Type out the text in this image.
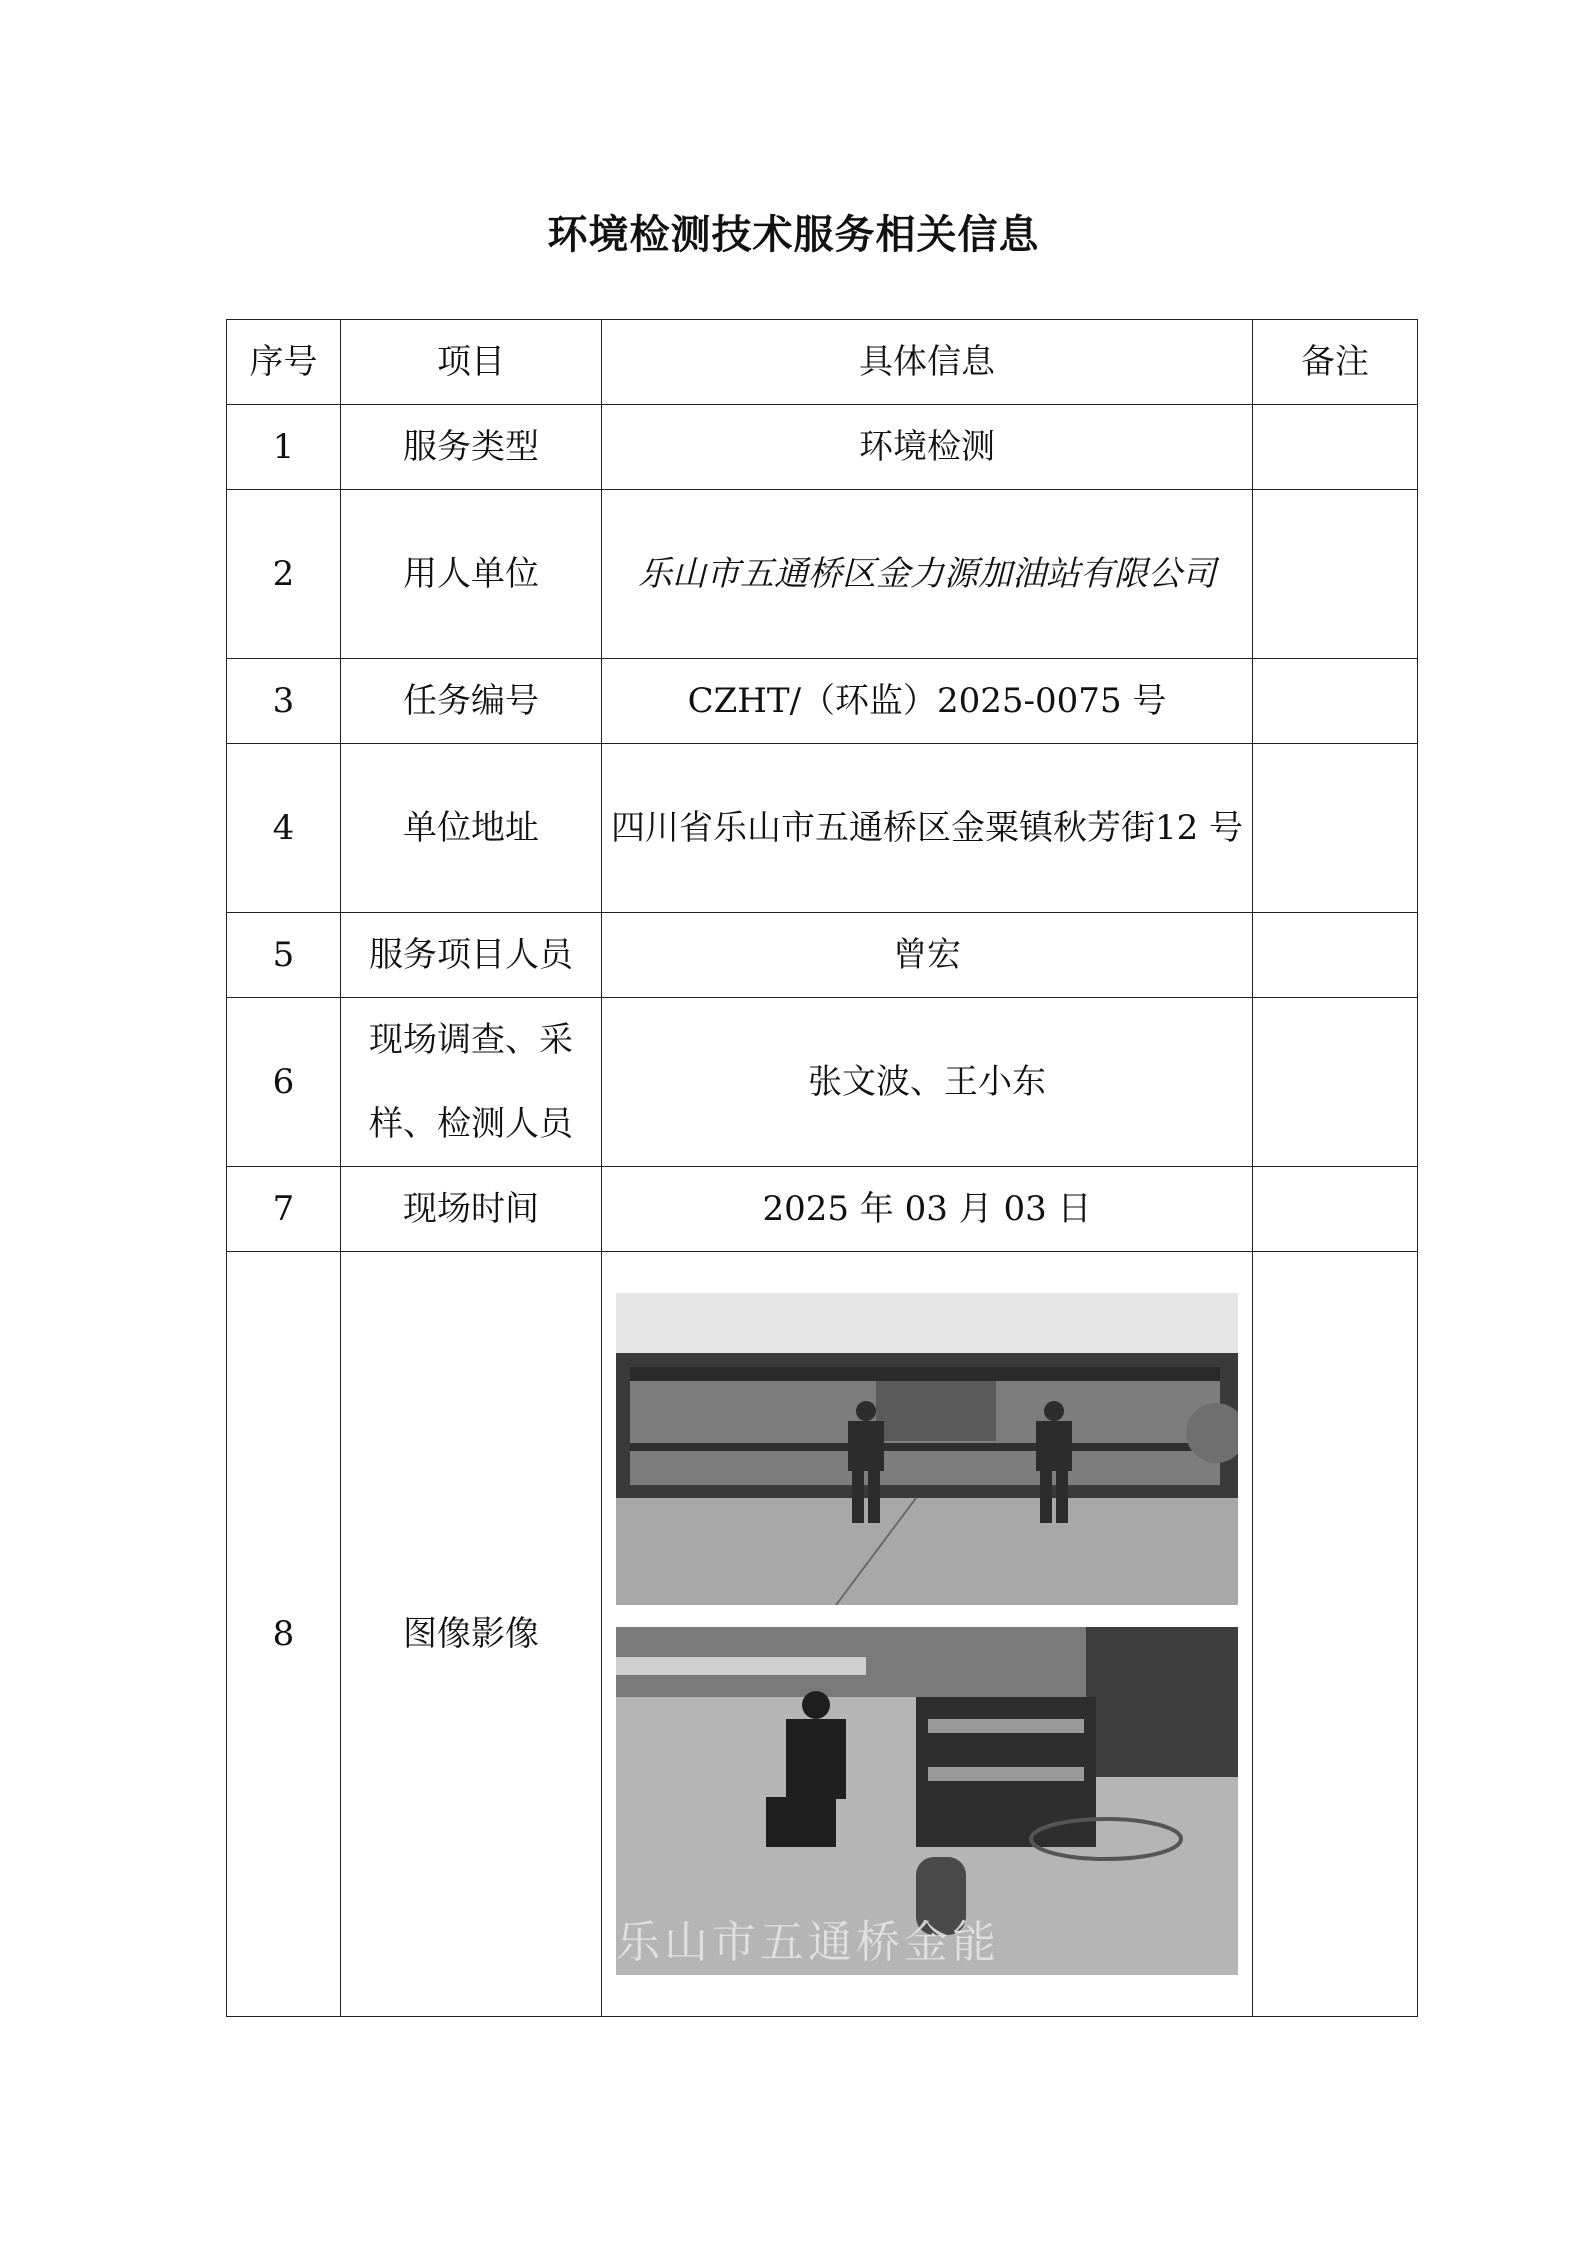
环境检测技术服务相关信息
序号	项目	具体信息	备注
1	服务类型	环境检测	
2	用人单位	乐山市五通桥区金力源加油站有限公司	
3	任务编号	CZHT/（环监）2025-0075 号	
4	单位地址	四川省乐山市五通桥区金粟镇秋芳街12 号	
5	服务项目人员	曾宏	
6	现场调查、采样、检测人员	张文波、王小东	
7	现场时间	2025 年 03 月 03 日	
8	图像影像	乐山市五通桥金能	
